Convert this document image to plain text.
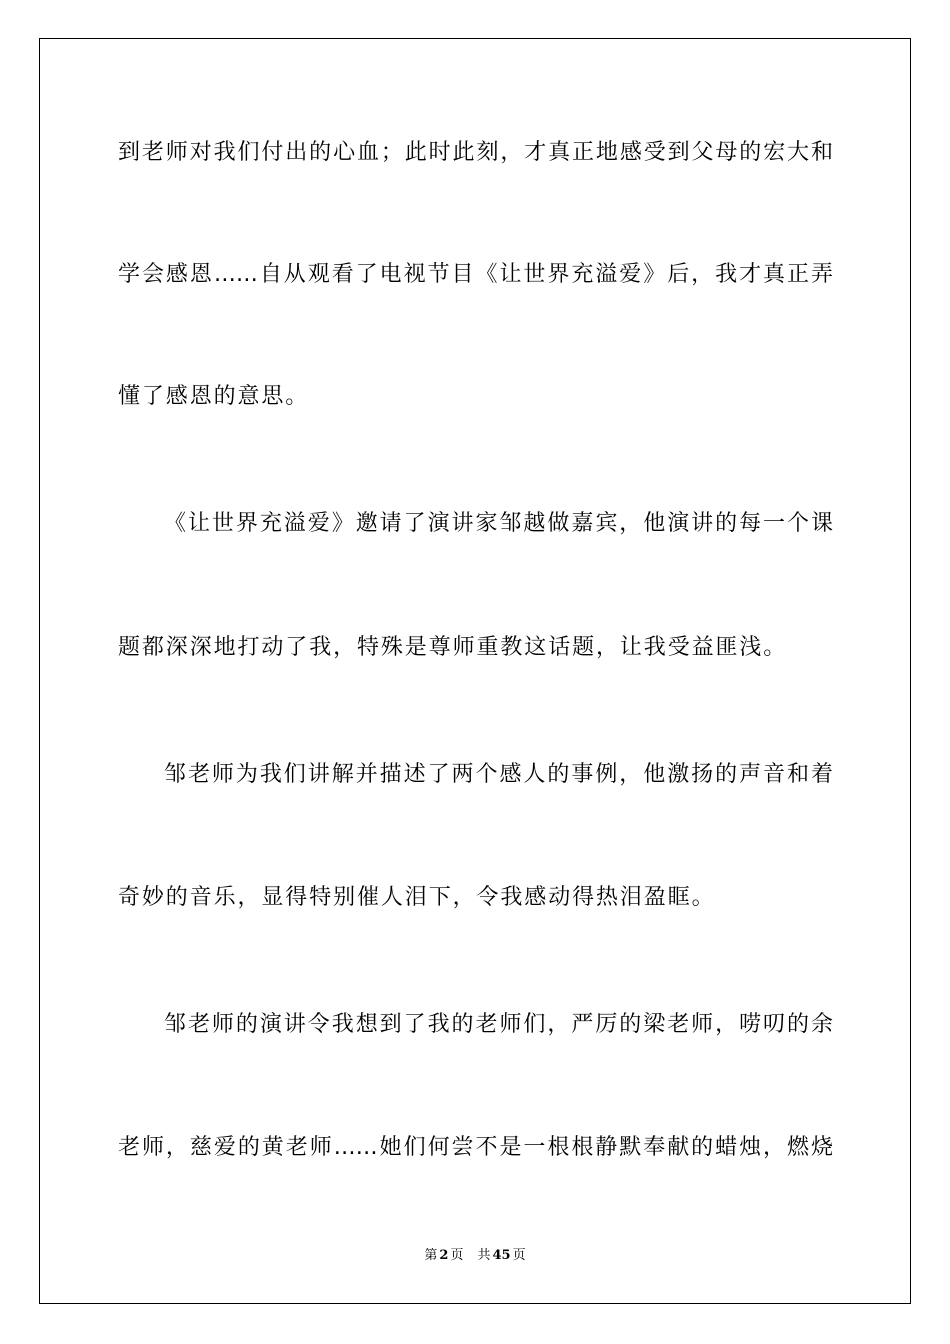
到老师对我们付出的心血；此时此刻，才真正地感受到父母的宏大和
学会感恩……自从观看了电视节目《让世界充溢爱》后，我才真正弄
懂了感恩的意思。
《让世界充溢爱》邀请了演讲家邹越做嘉宾，他演讲的每一个课
题都深深地打动了我，特殊是尊师重教这话题，让我受益匪浅。
邹老师为我们讲解并描述了两个感人的事例，他激扬的声音和着
奇妙的音乐，显得特别催人泪下，令我感动得热泪盈眶。
邹老师的演讲令我想到了我的老师们，严厉的梁老师，唠叨的余
老师，慈爱的黄老师……她们何尝不是一根根静默奉献的蜡烛，燃烧
第 2 页 共 45 页
